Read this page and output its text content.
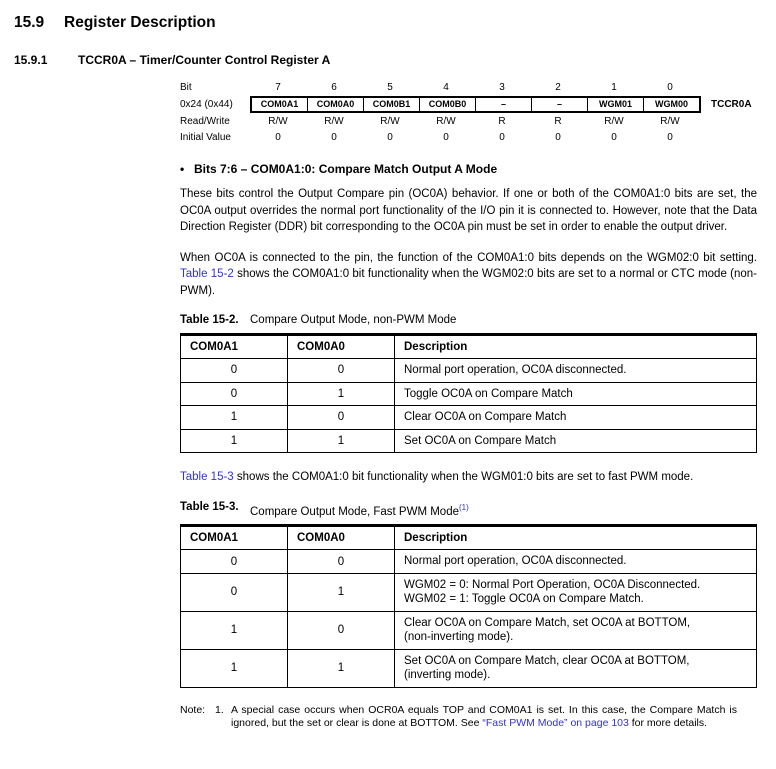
15.9	Register Description
15.9.1	TCCR0A – Timer/Counter Control Register A
Bit	7	6	5	4	3	2	1	0
0x24 (0x44)	COM0A1	COM0A0	COM0B1	COM0B0	–	–	WGM01	WGM00	TCCR0A
Read/Write	R/W	R/W	R/W	R/W	R	R	R/W	R/W
Initial Value	0	0	0	0	0	0	0	0
• Bits 7:6 – COM0A1:0: Compare Match Output A Mode

These bits control the Output Compare pin (OC0A) behavior. If one or both of the COM0A1:0 bits are set, the OC0A output overrides the normal port functionality of the I/O pin it is connected to. However, note that the Data Direction Register (DDR) bit corresponding to the OC0A pin must be set in order to enable the output driver.

When OC0A is connected to the pin, the function of the COM0A1:0 bits depends on the WGM02:0 bit setting. Table 15-2 shows the COM0A1:0 bit functionality when the WGM02:0 bits are set to a normal or CTC mode (non-PWM).

Table 15-2. Compare Output Mode, non-PWM Mode
COM0A1	COM0A0	Description
0	0	Normal port operation, OC0A disconnected.
0	1	Toggle OC0A on Compare Match
1	0	Clear OC0A on Compare Match
1	1	Set OC0A on Compare Match

Table 15-3 shows the COM0A1:0 bit functionality when the WGM01:0 bits are set to fast PWM mode.

Table 15-3. Compare Output Mode, Fast PWM Mode$^{(1)}$
COM0A1	COM0A0	Description
0	0	Normal port operation, OC0A disconnected.
0	1	WGM02 = 0: Normal Port Operation, OC0A Disconnected.
WGM02 = 1: Toggle OC0A on Compare Match.

1	0	Clear OC0A on Compare Match, set OC0A at BOTTOM,
(non-inverting mode).

1	1	Set OC0A on Compare Match, clear OC0A at BOTTOM,
(inverting mode).
Note: 1. A special case occurs when OCR0A equals TOP and COM0A1 is set. In this case, the Compare Match is ignored, but the set or clear is done at BOTTOM. See “Fast PWM Mode” on page 103 for more details.
